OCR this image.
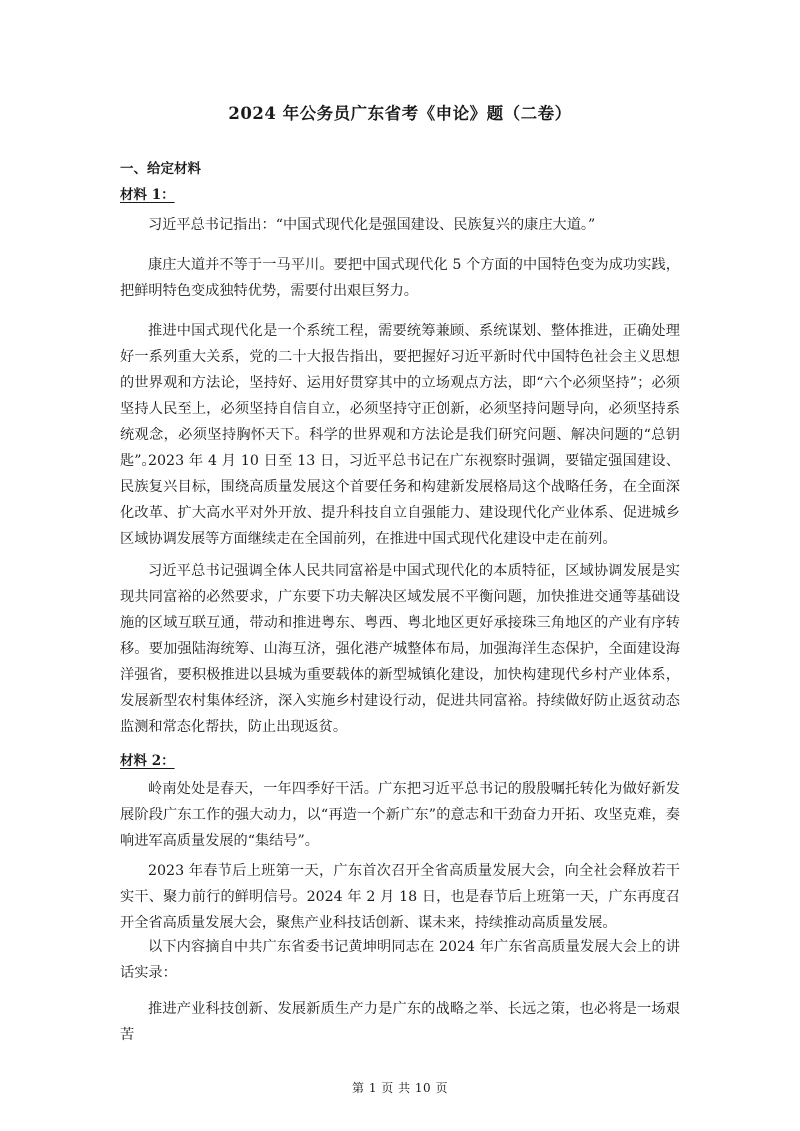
2024 年公务员广东省考《申论》题（二卷）
一、给定材料
材料 1：
习近平总书记指出：“中国式现代化是强国建设、民族复兴的康庄大道。”
康庄大道并不等于一马平川。要把中国式现代化 5 个方面的中国特色变为成功实践，把鲜明特色变成独特优势，需要付出艰巨努力。
推进中国式现代化是一个系统工程，需要统筹兼顾、系统谋划、整体推进，正确处理好一系列重大关系，党的二十大报告指出，要把握好习近平新时代中国特色社会主义思想的世界观和方法论，坚持好、运用好贯穿其中的立场观点方法，即“六个必须坚持”；必须坚持人民至上，必须坚持自信自立，必须坚持守正创新，必须坚持问题导向，必须坚持系统观念，必须坚持胸怀天下。科学的世界观和方法论是我们研究问题、解决问题的“总钥匙”。
2023 年 4 月 10 日至 13 日，习近平总书记在广东视察时强调，要锚定强国建设、民族复兴目标，围绕高质量发展这个首要任务和构建新发展格局这个战略任务，在全面深化改革、扩大高水平对外开放、提升科技自立自强能力、建设现代化产业体系、促进城乡区域协调发展等方面继续走在全国前列，在推进中国式现代化建设中走在前列。
习近平总书记强调全体人民共同富裕是中国式现代化的本质特征，区域协调发展是实现共同富裕的必然要求，广东要下功夫解决区域发展不平衡问题，加快推进交通等基础设施的区域互联互通，带动和推进粤东、粤西、粤北地区更好承接珠三角地区的产业有序转移。要加强陆海统筹、山海互济，强化港产城整体布局，加强海洋生态保护，全面建设海洋强省，要积极推进以县城为重要载体的新型城镇化建设，加快构建现代乡村产业体系，发展新型农村集体经济，深入实施乡村建设行动，促进共同富裕。持续做好防止返贫动态监测和常态化帮扶，防止出现返贫。
材料 2：
岭南处处是春天，一年四季好干活。广东把习近平总书记的殷殷嘱托转化为做好新发展阶段广东工作的强大动力，以“再造一个新广东”的意志和干劲奋力开拓、攻坚克难，奏响进军高质量发展的“集结号”。
2023 年春节后上班第一天，广东首次召开全省高质量发展大会，向全社会释放若干实干、聚力前行的鲜明信号。2024 年 2 月 18 日，也是春节后上班第一天，广东再度召开全省高质量发展大会，聚焦产业科技话创新、谋未来，持续推动高质量发展。
以下内容摘自中共广东省委书记黄坤明同志在 2024 年广东省高质量发展大会上的讲话实录：
推进产业科技创新、发展新质生产力是广东的战略之举、长远之策，也必将是一场艰苦
第 1 页 共 10 页
